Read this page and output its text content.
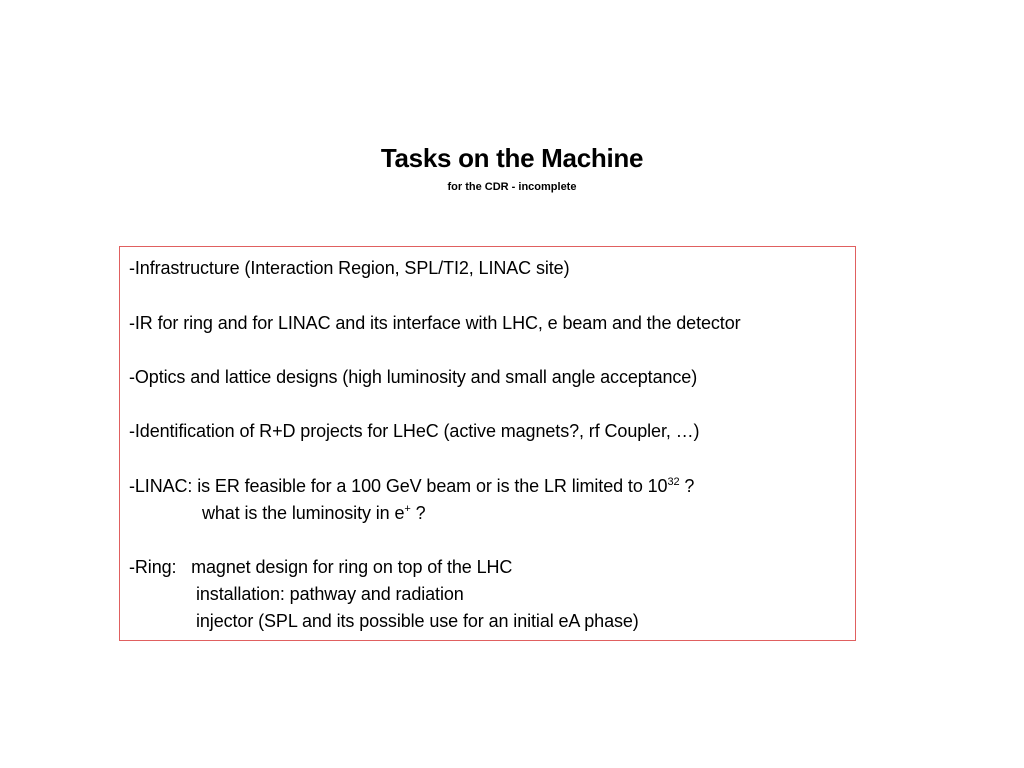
Tasks on the Machine
for the CDR - incomplete
-Infrastructure (Interaction Region, SPL/TI2, LINAC site)
-IR for ring and for LINAC and its interface with LHC, e beam and the detector
-Optics and lattice designs (high luminosity and small angle acceptance)
-Identification of R+D projects for LHeC (active magnets?, rf Coupler, …)
-LINAC: is ER feasible for a 100 GeV beam or is the LR limited to $10^{32}$ ?
what is the luminosity in e+ ?
-Ring:   magnet design for ring on top of the LHC
installation: pathway and radiation
injector (SPL and its possible use for an initial eA phase)
